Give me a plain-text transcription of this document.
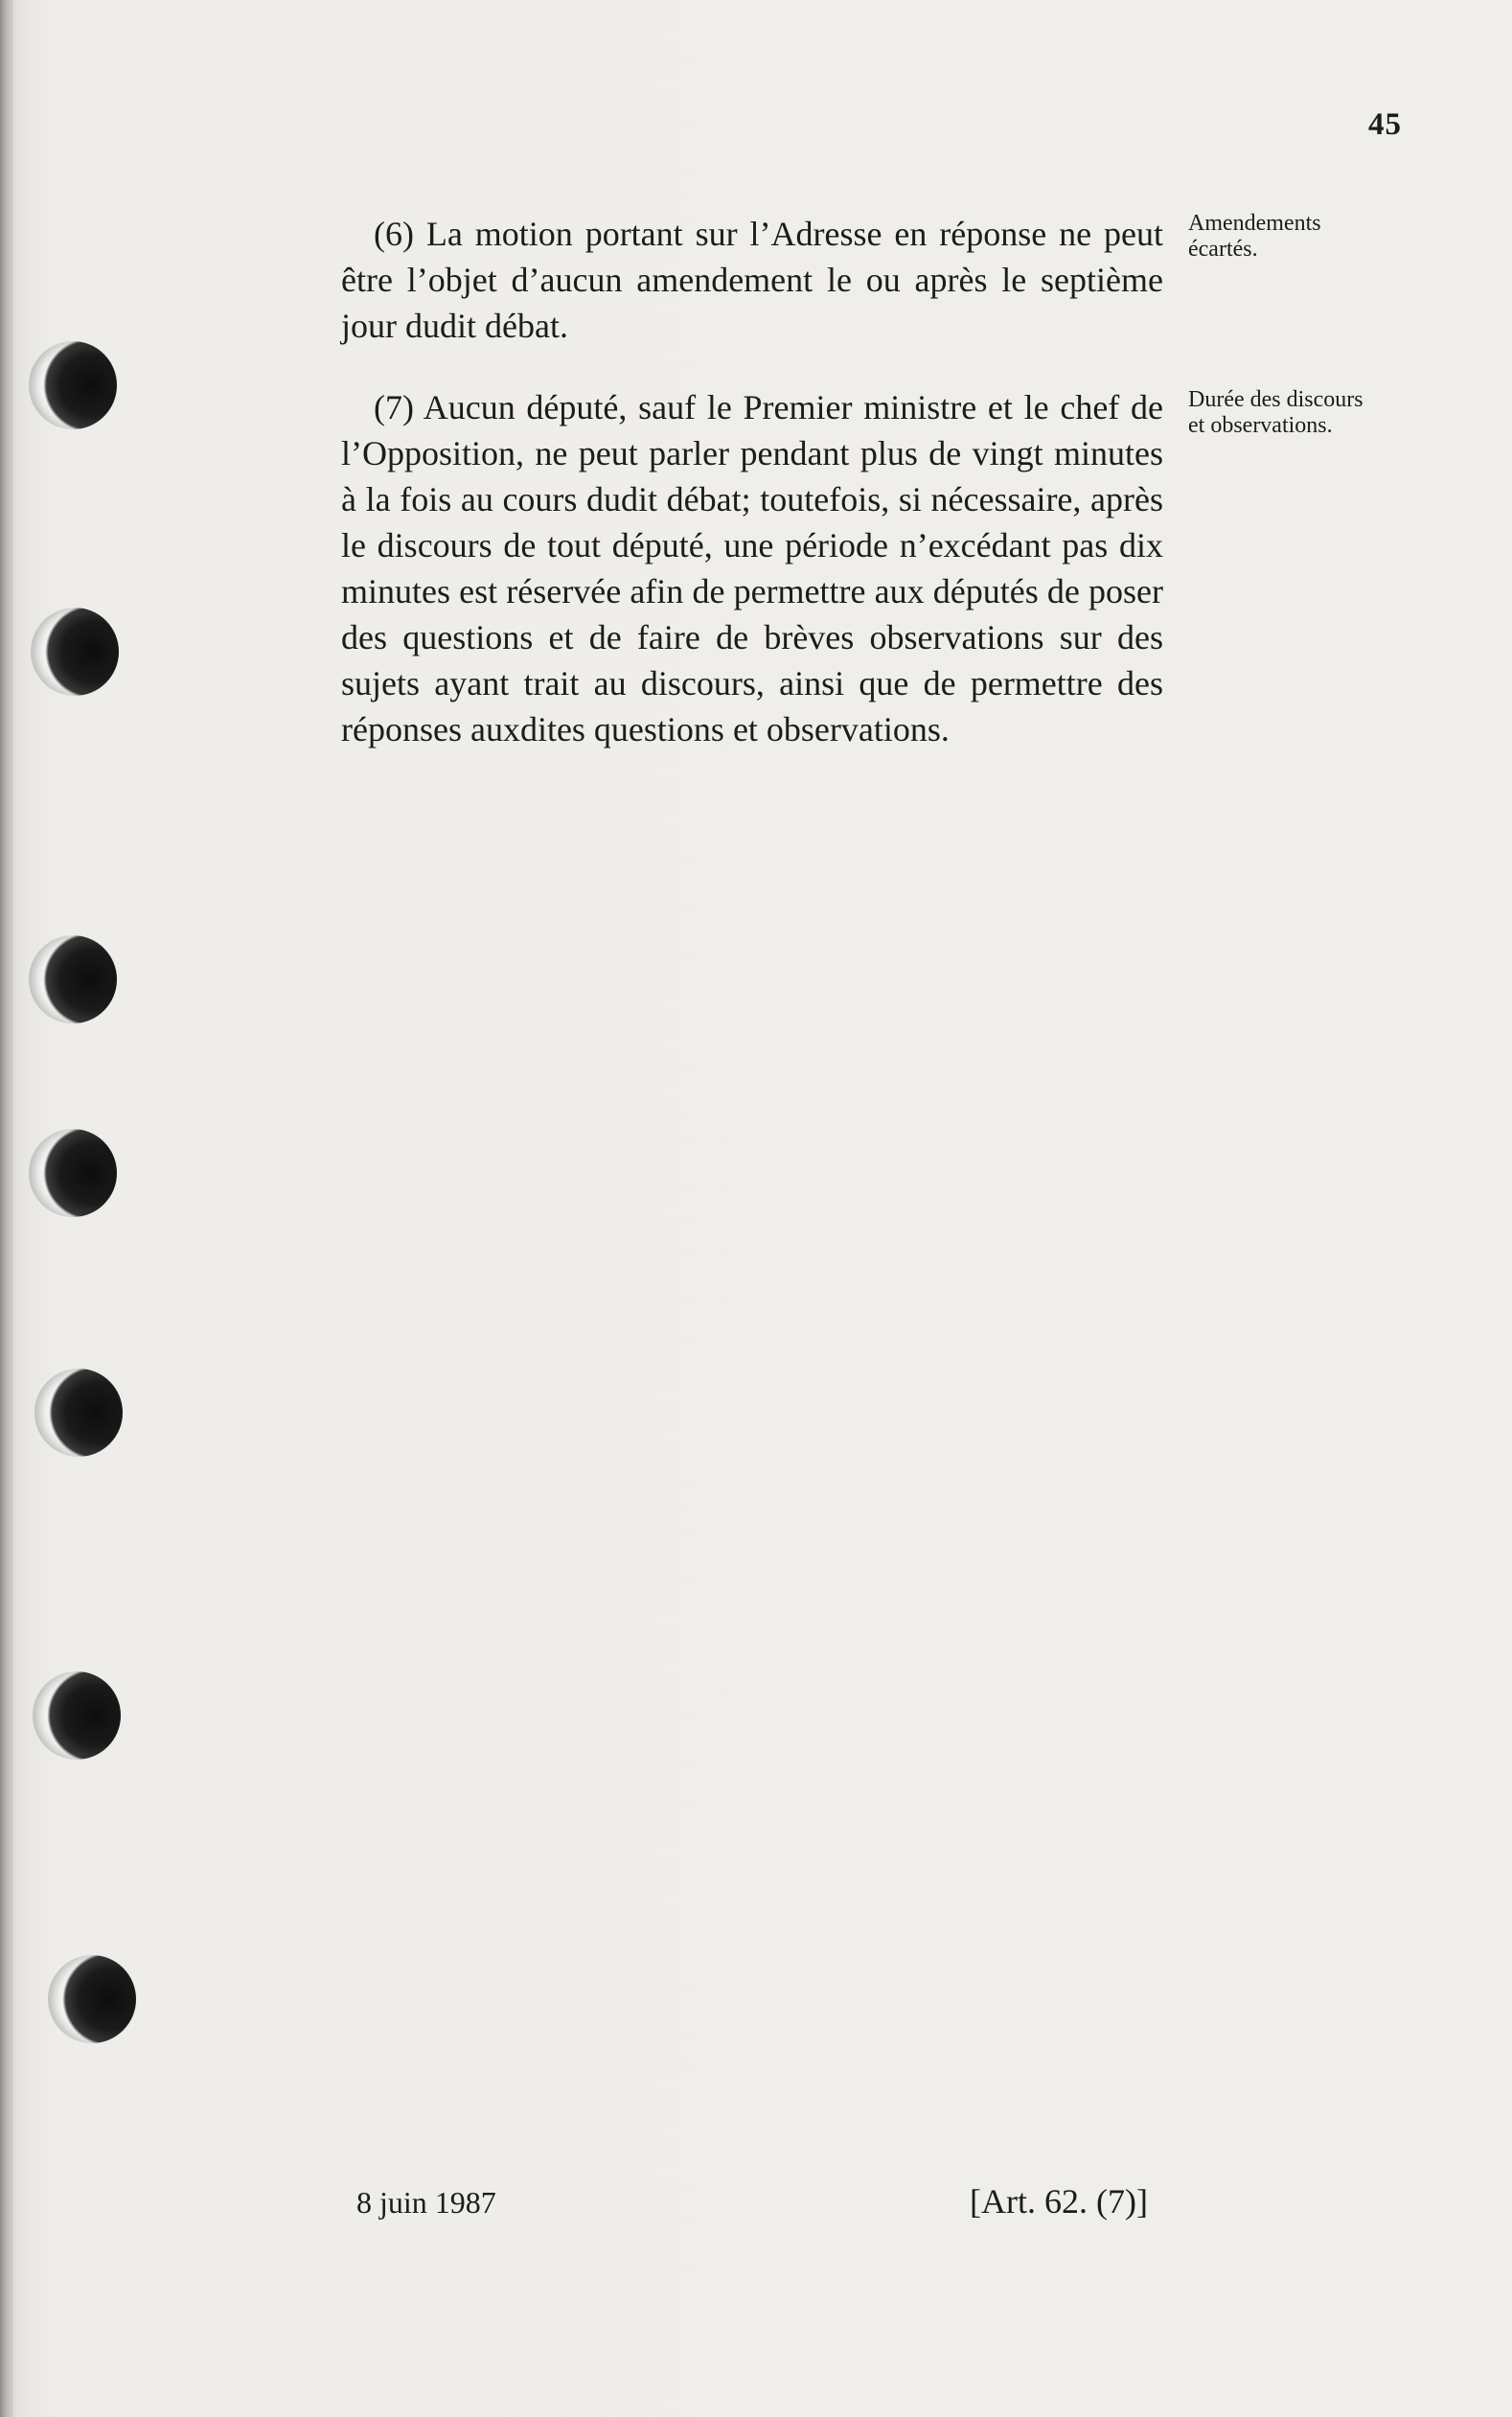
45

(6) La motion portant sur l’Adresse en réponse ne peut être l’objet d’aucun amendement le ou après le septième jour dudit débat.

Amendements écartés.

(7) Aucun député, sauf le Premier ministre et le chef de l’Opposition, ne peut parler pendant plus de vingt minutes à la fois au cours dudit débat; toutefois, si nécessaire, après le discours de tout député, une période n’excédant pas dix minutes est réservée afin de permettre aux députés de poser des questions et de faire de brèves observations sur des sujets ayant trait au discours, ainsi que de permettre des réponses auxdites questions et observations.

Durée des discours et observations.

8 juin 1987	[Art. 62. (7)]
